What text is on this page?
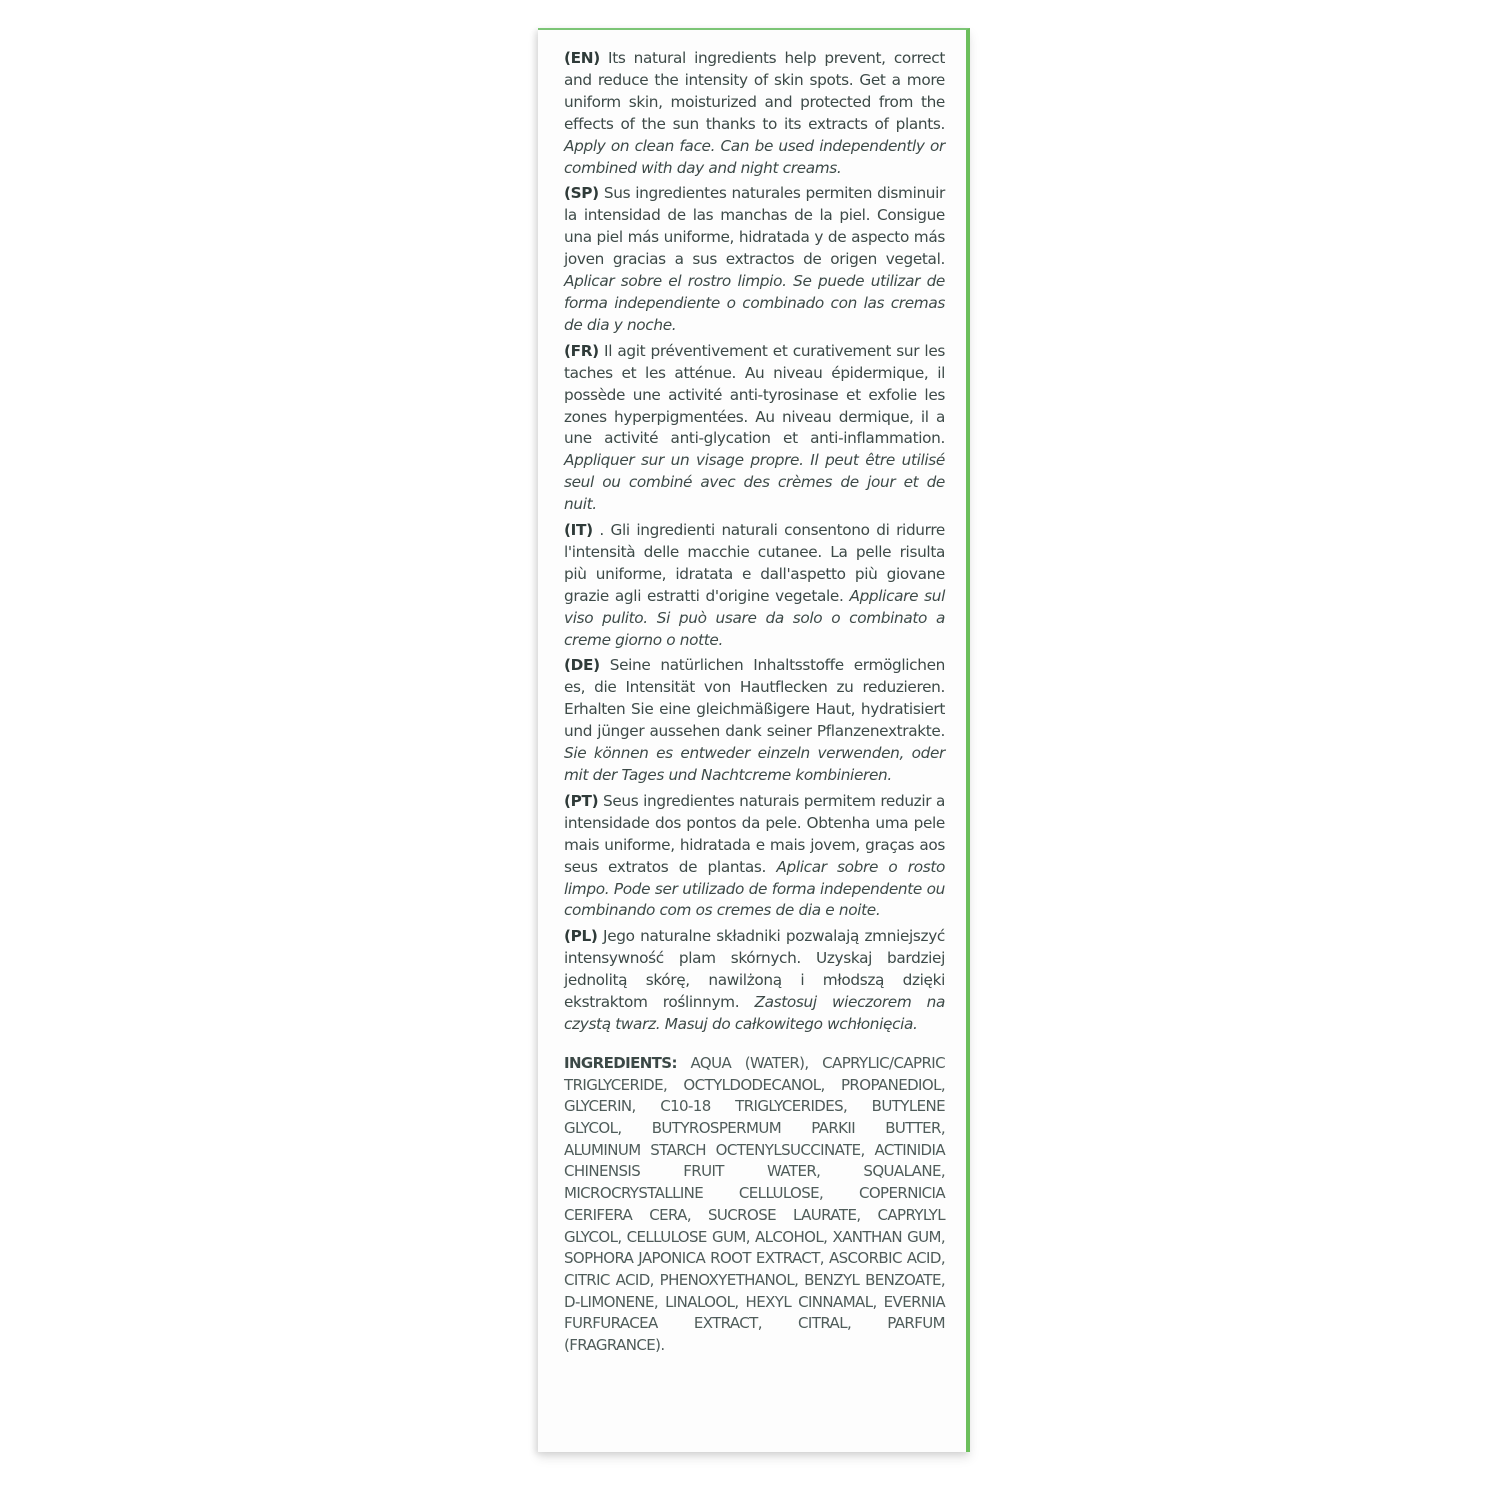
(EN) Its natural ingredients help prevent, correct and reduce the intensity of skin spots. Get a more uniform skin, moisturized and protected from the effects of the sun thanks to its extracts of plants. Apply on clean face. Can be used independently or combined with day and night creams.

(SP) Sus ingredientes naturales permiten disminuir la intensidad de las manchas de la piel. Consigue una piel más uniforme, hidratada y de aspecto más joven gracias a sus extractos de origen vegetal. Aplicar sobre el rostro limpio. Se puede utilizar de forma independiente o combinado con las cremas de dia y noche.

(FR) Il agit préventivement et curativement sur les taches et les atténue. Au niveau épidermique, il possède une activité anti-tyrosinase et exfolie les zones hyperpigmentées. Au niveau dermique, il a une activité anti-glycation et anti-inflammation. Appliquer sur un visage propre. Il peut être utilisé seul ou combiné avec des crèmes de jour et de nuit.

(IT) . Gli ingredienti naturali consentono di ridurre l'intensità delle macchie cutanee. La pelle risulta più uniforme, idratata e dall'aspetto più giovane grazie agli estratti d'origine vegetale. Applicare sul viso pulito. Si può usare da solo o combinato a creme giorno o notte.

(DE) Seine natürlichen Inhaltsstoffe ermöglichen es, die Intensität von Hautflecken zu reduzieren. Erhalten Sie eine gleichmäßigere Haut, hydratisiert und jünger aussehen dank seiner Pflanzenextrakte. Sie können es entweder einzeln verwenden, oder mit der Tages und Nachtcreme kombinieren.

(PT) Seus ingredientes naturais permitem reduzir a intensidade dos pontos da pele. Obtenha uma pele mais uniforme, hidratada e mais jovem, graças aos seus extratos de plantas. Aplicar sobre o rosto limpo. Pode ser utilizado de forma independente ou combinando com os cremes de dia e noite.

(PL) Jego naturalne składniki pozwalają zmniejszyć intensywność plam skórnych. Uzyskaj bardziej jednolitą skórę, nawilżoną i młodszą dzięki ekstraktom roślinnym. Zastosuj wieczorem na czystą twarz. Masuj do całkowitego wchłonięcia.

INGREDIENTS: AQUA (WATER), CAPRYLIC/CAPRIC TRIGLYCERIDE, OCTYLDODECANOL, PROPANEDIOL, GLYCERIN, C10-18 TRIGLYCERIDES, BUTYLENE GLYCOL, BUTYROSPERMUM PARKII BUTTER, ALUMINUM STARCH OCTENYLSUCCINATE, ACTINIDIA CHINENSIS FRUIT WATER, SQUALANE, MICROCRYSTALLINE CELLULOSE, COPERNICIA CERIFERA CERA, SUCROSE LAURATE, CAPRYLYL GLYCOL, CELLULOSE GUM, ALCOHOL, XANTHAN GUM, SOPHORA JAPONICA ROOT EXTRACT, ASCORBIC ACID, CITRIC ACID, PHENOXYETHANOL, BENZYL BENZOATE, D-LIMONENE, LINALOOL, HEXYL CINNAMAL, EVERNIA FURFURACEA EXTRACT, CITRAL, PARFUM (FRAGRANCE).
